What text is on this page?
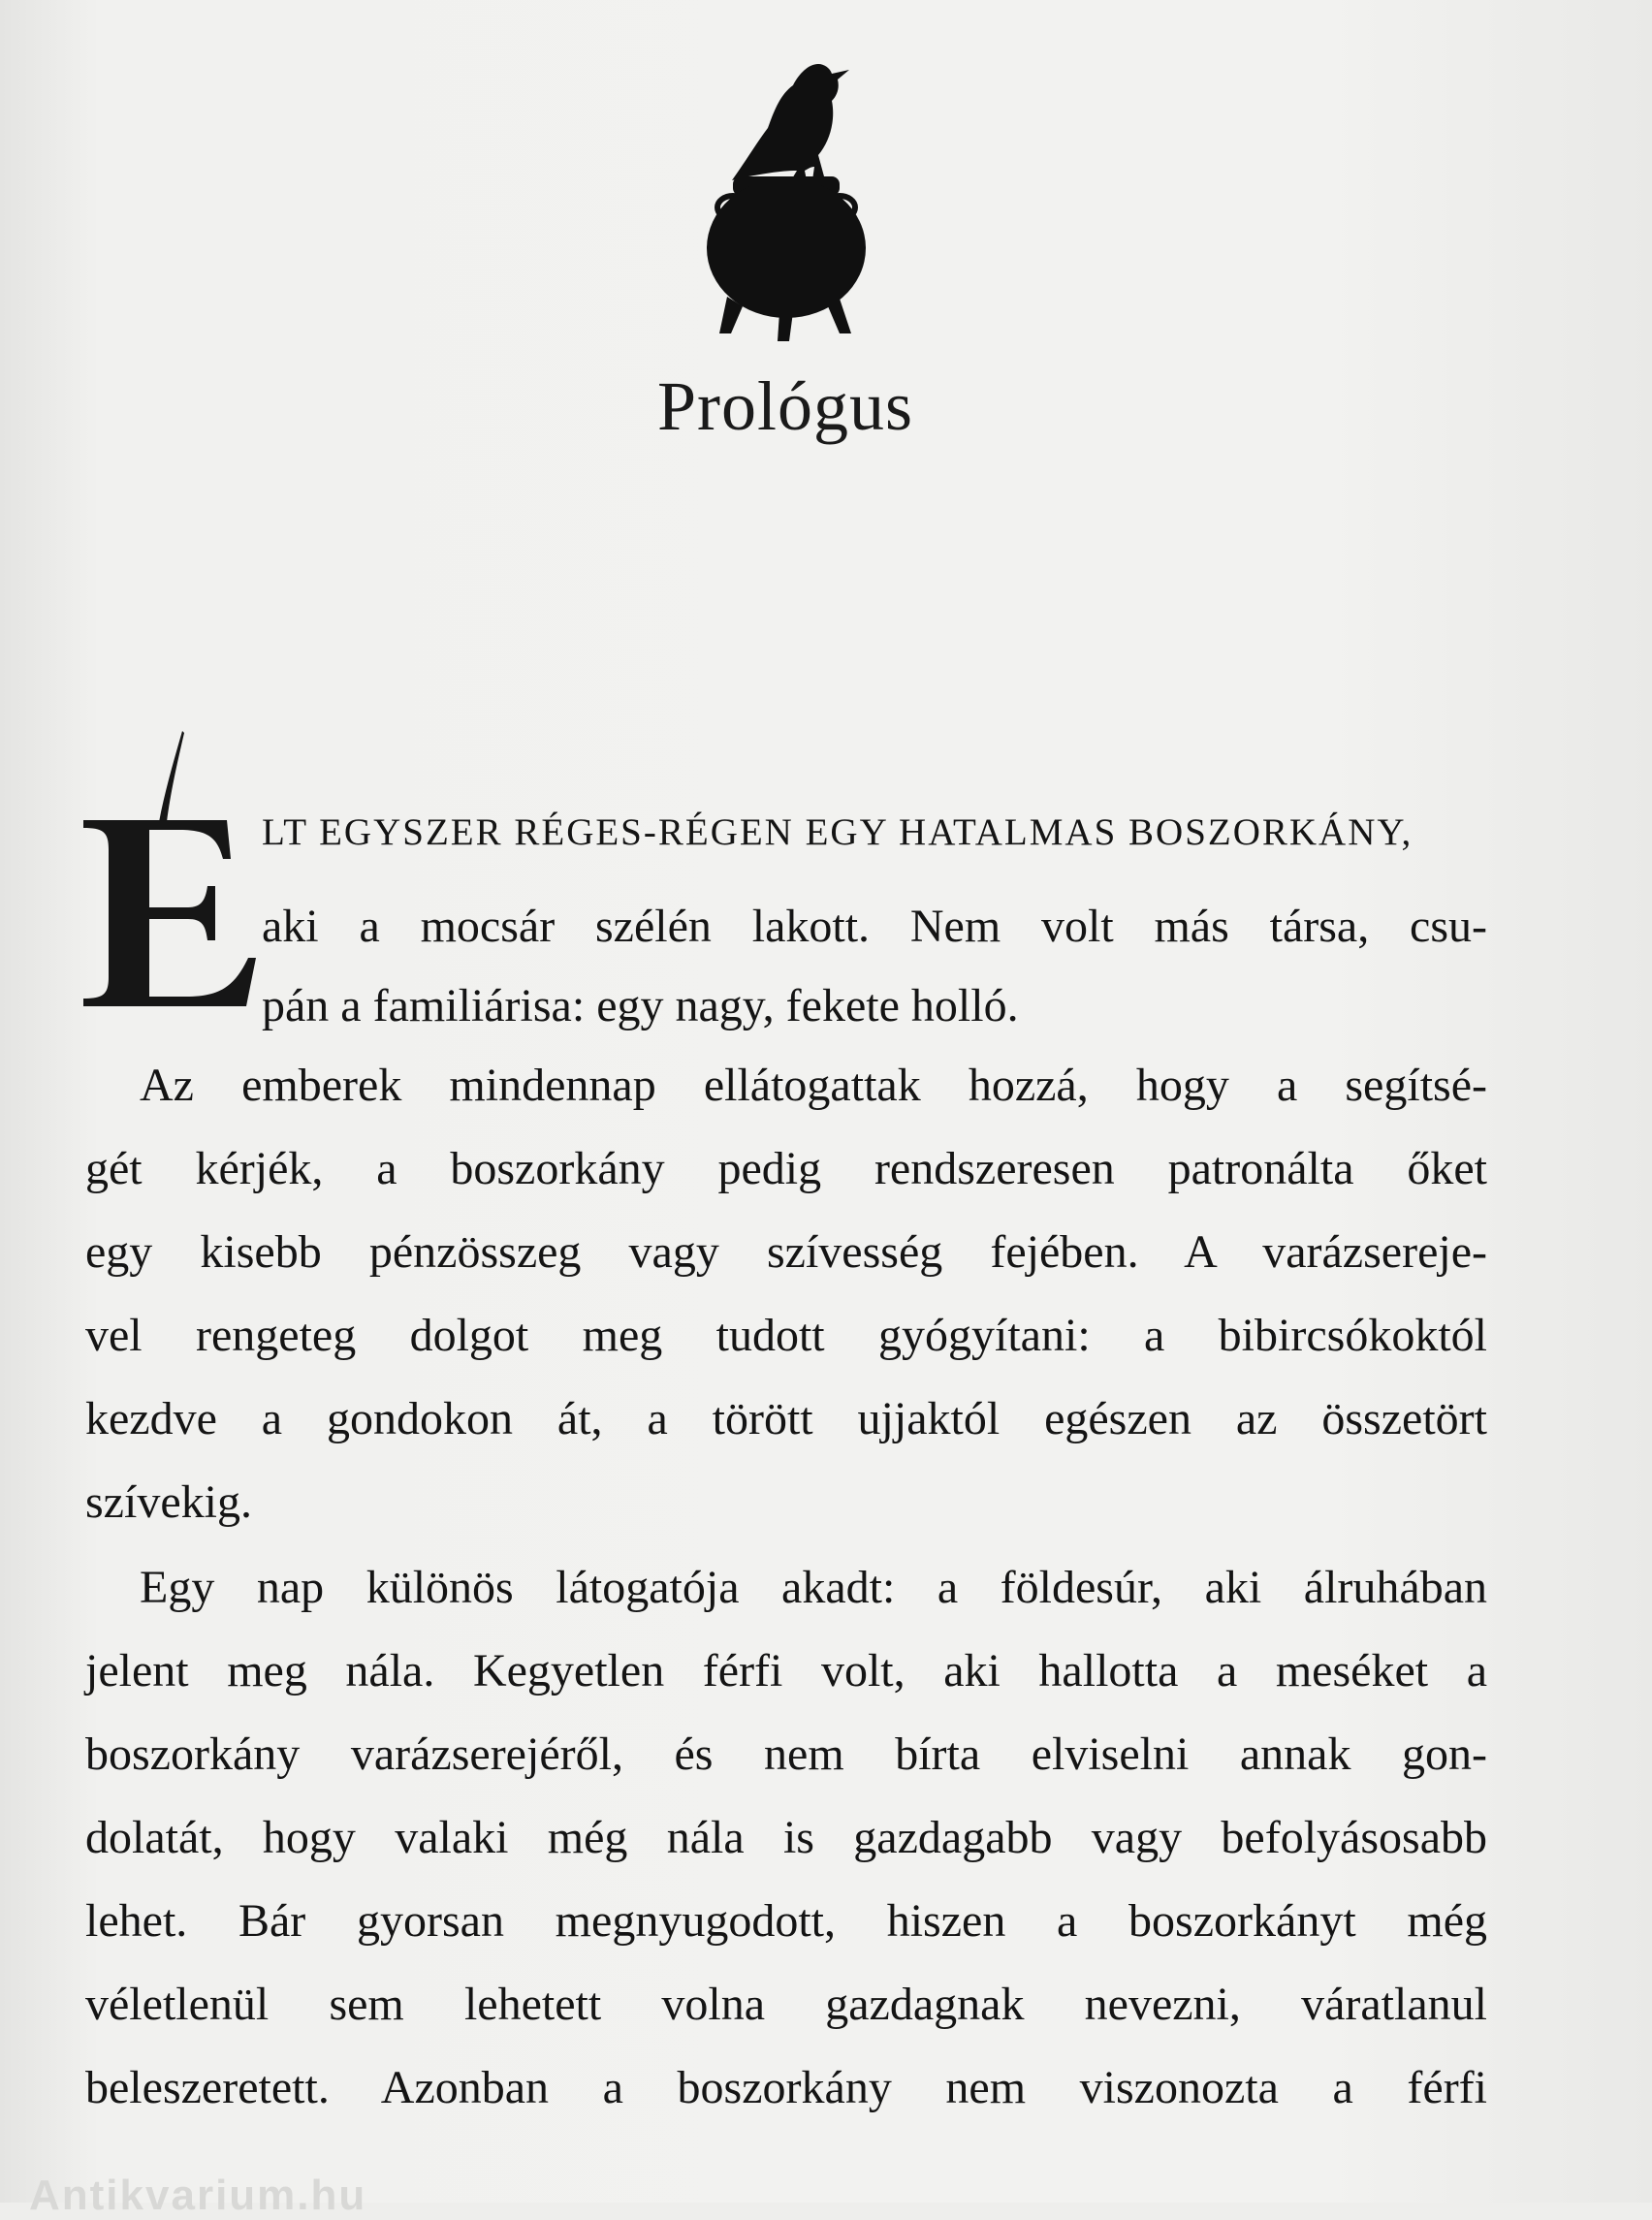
Prológus
LT EGYSZER RÉGES-RÉGEN EGY HATALMAS BOSZORKÁNY,
aki a mocsár szélén lakott. Nem volt más társa, csu-
pán a familiárisa: egy nagy, fekete holló.
Az emberek mindennap ellátogattak hozzá, hogy a segítsé-
gét kérjék, a boszorkány pedig rendszeresen patronálta őket
egy kisebb pénzösszeg vagy szívesség fejében. A varázsereje-
vel rengeteg dolgot meg tudott gyógyítani: a bibircsókoktól
kezdve a gondokon át, a törött ujjaktól egészen az összetört
szívekig.
Egy nap különös látogatója akadt: a földesúr, aki álruhában
jelent meg nála. Kegyetlen férfi volt, aki hallotta a meséket a
boszorkány varázserejéről, és nem bírta elviselni annak gon-
dolatát, hogy valaki még nála is gazdagabb vagy befolyásosabb
lehet. Bár gyorsan megnyugodott, hiszen a boszorkányt még
véletlenül sem lehetett volna gazdagnak nevezni, váratlanul
beleszeretett. Azonban a boszorkány nem viszonozta a férfi
Antikvarium.hu
